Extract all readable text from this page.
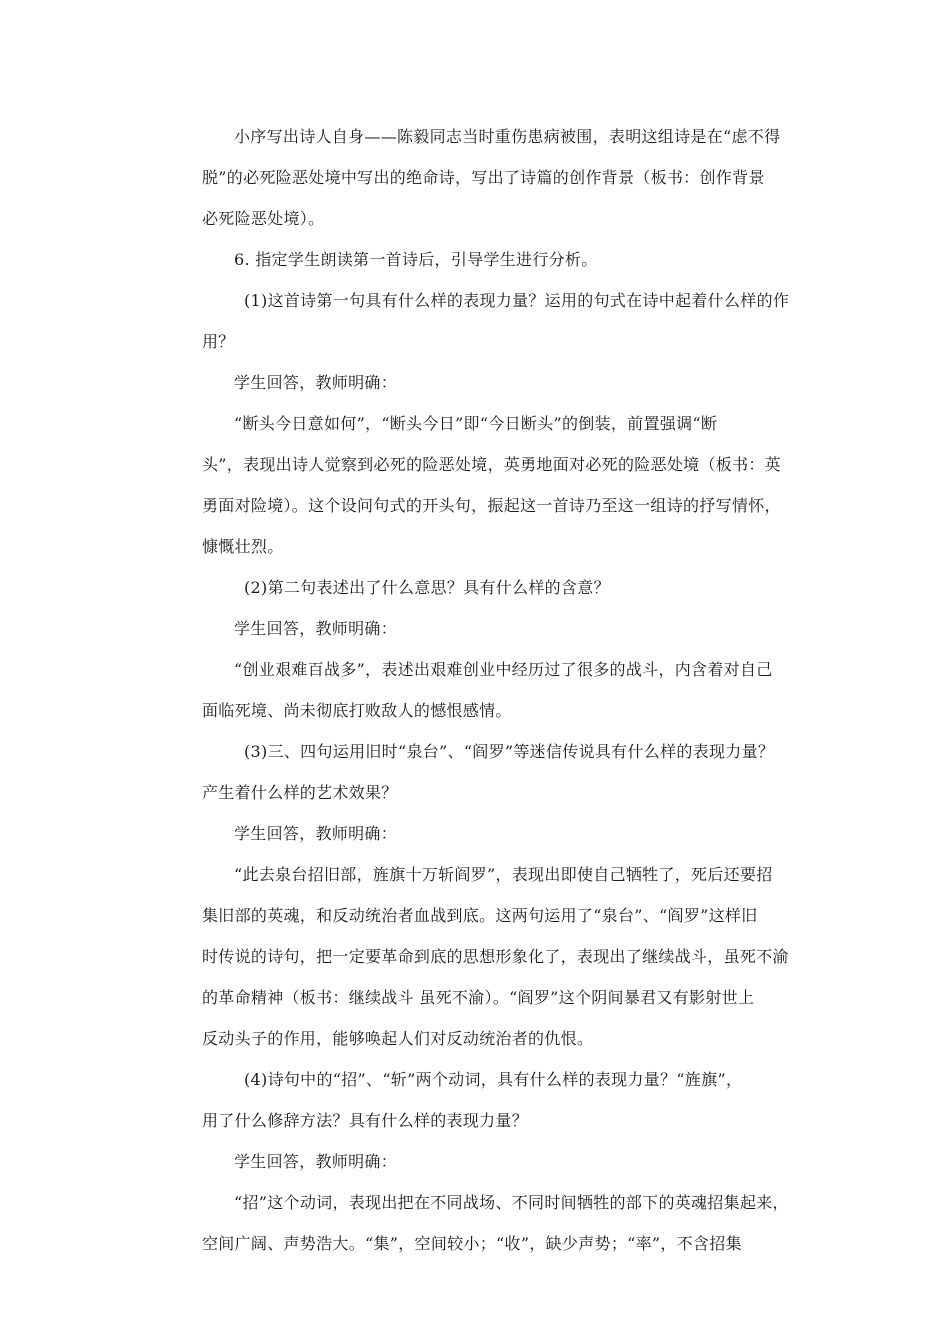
小序写出诗人自身——陈毅同志当时重伤患病被围，表明这组诗是在“虑不得
脱”的必死险恶处境中写出的绝命诗，写出了诗篇的创作背景（板书：创作背景
必死险恶处境）。
6. 指定学生朗读第一首诗后，引导学生进行分析。
(1)这首诗第一句具有什么样的表现力量？运用的句式在诗中起着什么样的作
用？
学生回答，教师明确：
“断头今日意如何”，“断头今日”即“今日断头”的倒装，前置强调“断
头”，表现出诗人觉察到必死的险恶处境，英勇地面对必死的险恶处境（板书：英
勇面对险境）。这个设问句式的开头句，振起这一首诗乃至这一组诗的抒写情怀，
慷慨壮烈。
(2)第二句表述出了什么意思？具有什么样的含意？
学生回答，教师明确：
“创业艰难百战多”，表述出艰难创业中经历过了很多的战斗，内含着对自己
面临死境、尚未彻底打败敌人的憾恨感情。
(3)三、四句运用旧时“泉台”、“阎罗”等迷信传说具有什么样的表现力量？
产生着什么样的艺术效果？
学生回答，教师明确：
“此去泉台招旧部，旌旗十万斩阎罗”，表现出即使自己牺牲了，死后还要招
集旧部的英魂，和反动统治者血战到底。这两句运用了“泉台”、“阎罗”这样旧
时传说的诗句，把一定要革命到底的思想形象化了，表现出了继续战斗，虽死不渝
的革命精神（板书：继续战斗 虽死不渝）。“阎罗”这个阴间暴君又有影射世上
反动头子的作用，能够唤起人们对反动统治者的仇恨。
(4)诗句中的“招”、“斩”两个动词，具有什么样的表现力量？“旌旗”，
用了什么修辞方法？具有什么样的表现力量？
学生回答，教师明确：
“招”这个动词，表现出把在不同战场、不同时间牺牲的部下的英魂招集起来，
空间广阔、声势浩大。“集”，空间较小；“收”，缺少声势；“率”，不含招集
